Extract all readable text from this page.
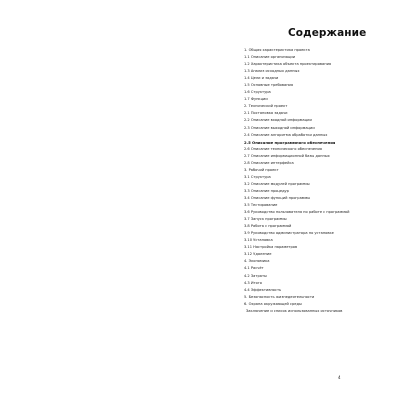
Содержание
1. Общая характеристика проекта
1.1 Описание организации
1.2 Характеристика объекта проектирования
1.3 Анализ исходных данных
1.4 Цели и задачи
1.5 Основные требования
1.6 Структура
1.7 Функции
2. Технический проект
2.1 Постановка задачи
2.2 Описание входной информации
2.3 Описание выходной информации
2.4 Описание алгоритма обработки данных
2.5 Описание программного обеспечения
2.6 Описание технического обеспечения
2.7 Описание информационной базы данных
2.8 Описание интерфейса
3. Рабочий проект
3.1 Структура
3.2 Описание модулей программы
3.3 Описание процедур
3.4 Описание функций программы
3.5 Тестирование
3.6 Руководство пользователя по работе с программой
3.7 Запуск программы
3.8 Работа с программой
3.9 Руководство администратора по установке
3.10 Установка
3.11 Настройка параметров
3.12 Удаление
4. Экономика
4.1 Расчёт
4.2 Затраты
4.3 Итого
4.4 Эффективность
5. Безопасность жизнедеятельности
6. Охрана окружающей среды
Заключение и список использованных источников
4
